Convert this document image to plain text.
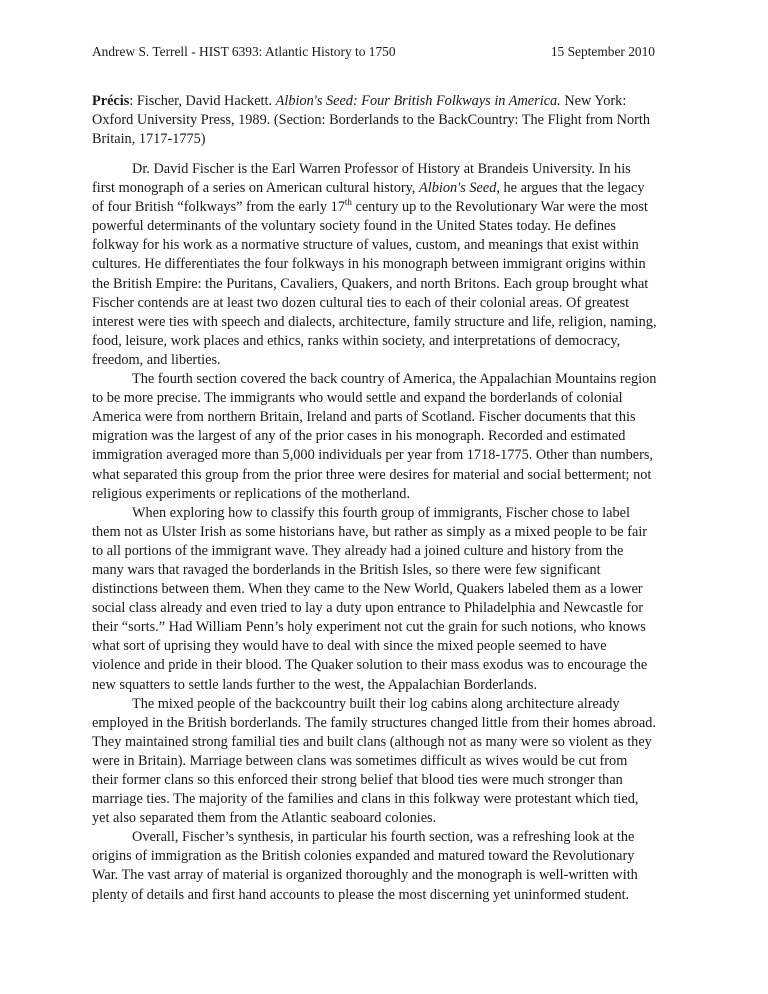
Andrew S. Terrell - HIST 6393: Atlantic History to 1750	15 September 2010

Précis: Fischer, David Hackett. Albion's Seed: Four British Folkways in America. New York: Oxford University Press, 1989. (Section: Borderlands to the BackCountry: The Flight from North Britain, 1717-1775)

Dr. David Fischer is the Earl Warren Professor of History at Brandeis University. In his first monograph of a series on American cultural history, Albion's Seed, he argues that the legacy of four British “folkways” from the early 17th century up to the Revolutionary War were the most powerful determinants of the voluntary society found in the United States today. He defines folkway for his work as a normative structure of values, custom, and meanings that exist within cultures. He differentiates the four folkways in his monograph between immigrant origins within the British Empire: the Puritans, Cavaliers, Quakers, and north Britons. Each group brought what Fischer contends are at least two dozen cultural ties to each of their colonial areas. Of greatest interest were ties with speech and dialects, architecture, family structure and life, religion, naming, food, leisure, work places and ethics, ranks within society, and interpretations of democracy, freedom, and liberties.

The fourth section covered the back country of America, the Appalachian Mountains region to be more precise. The immigrants who would settle and expand the borderlands of colonial America were from northern Britain, Ireland and parts of Scotland. Fischer documents that this migration was the largest of any of the prior cases in his monograph. Recorded and estimated immigration averaged more than 5,000 individuals per year from 1718-1775. Other than numbers, what separated this group from the prior three were desires for material and social betterment; not religious experiments or replications of the motherland.

When exploring how to classify this fourth group of immigrants, Fischer chose to label them not as Ulster Irish as some historians have, but rather as simply as a mixed people to be fair to all portions of the immigrant wave. They already had a joined culture and history from the many wars that ravaged the borderlands in the British Isles, so there were few significant distinctions between them. When they came to the New World, Quakers labeled them as a lower social class already and even tried to lay a duty upon entrance to Philadelphia and Newcastle for their “sorts.” Had William Penn’s holy experiment not cut the grain for such notions, who knows what sort of uprising they would have to deal with since the mixed people seemed to have violence and pride in their blood. The Quaker solution to their mass exodus was to encourage the new squatters to settle lands further to the west, the Appalachian Borderlands.

The mixed people of the backcountry built their log cabins along architecture already employed in the British borderlands. The family structures changed little from their homes abroad. They maintained strong familial ties and built clans (although not as many were so violent as they were in Britain). Marriage between clans was sometimes difficult as wives would be cut from their former clans so this enforced their strong belief that blood ties were much stronger than marriage ties. The majority of the families and clans in this folkway were protestant which tied, yet also separated them from the Atlantic seaboard colonies.

Overall, Fischer’s synthesis, in particular his fourth section, was a refreshing look at the origins of immigration as the British colonies expanded and matured toward the Revolutionary War. The vast array of material is organized thoroughly and the monograph is well-written with plenty of details and first hand accounts to please the most discerning yet uninformed student.
